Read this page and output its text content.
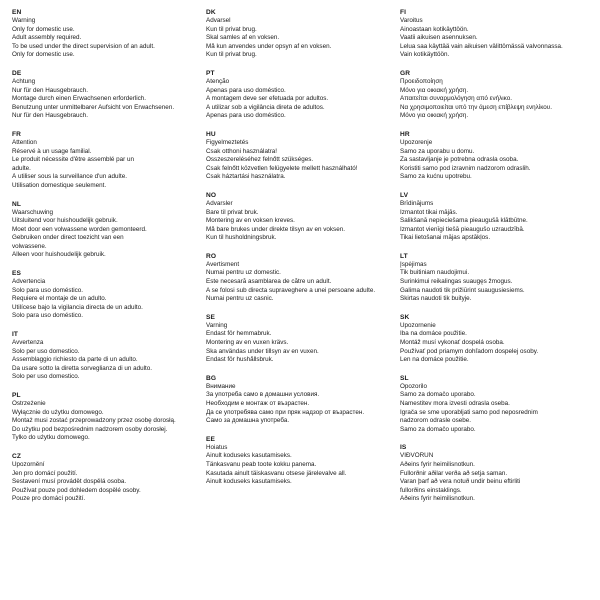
EN
Warning
Only for domestic use.
Adult assembly required.
To be used under the direct supervision of an adult.
Only for domestic use.
DE
Achtung
Nur für den Hausgebrauch.
Montage durch einen Erwachsenen erforderlich.
Benutzung unter unmittelbarer Aufsicht von Erwachsenen.
Nur für den Hausgebrauch.
FR
Attention
Réservé à un usage familial.
Le produit nécessite d'être assemblé par un
adulte.
À utiliser sous la surveillance d'un adulte.
Utilisation domestique seulement.
NL
Waarschuwing
Uitsluitend voor huishoudelijk gebruik.
Moet door een volwassene worden gemonteerd.
Gebruiken onder direct toezicht van een
volwassene.
Alleen voor huishoudelijk gebruik.
ES
Advertencia
Solo para uso doméstico.
Requiere el montaje de un adulto.
Utilícese bajo la vigilancia directa de un adulto.
Solo para uso doméstico.
IT
Avvertenza
Solo per uso domestico.
Assemblaggio richiesto da parte di un adulto.
Da usare sotto la diretta sorveglianza di un adulto.
Solo per uso domestico.
PL
Ostrzeżenie
Wyłącznie do użytku domowego.
Montaż musi zostać przeprowadzony przez osobę dorosłą.
Do użytku pod bezpośrednim nadzorem osoby dorosłej.
Tylko do użytku domowego.
CZ
Upozornění
Jen pro domácí použití.
Sestavení musí provádět dospělá osoba.
Používat pouze pod dohledem dospělé osoby.
Pouze pro domácí použití.
DK
Advarsel
Kun til privat brug.
Skal samles af en voksen.
Må kun anvendes under opsyn af en voksen.
Kun til privat brug.
PT
Atenção
Apenas para uso doméstico.
A montagem deve ser efetuada por adultos.
A utilizar sob a vigilância direta de adultos.
Apenas para uso doméstico.
HU
Figyelmeztetés
Csak otthoni használatra!
Összeszereléséhez felnőtt szükséges.
Csak felnőtt közvetlen felügyelete mellett használható!
Csak háztartási használatra.
NO
Advarsler
Bare til privat bruk.
Montering av en voksen kreves.
Må bare brukes under direkte tilsyn av en voksen.
Kun til husholdningsbruk.
RO
Avertisment
Numai pentru uz domestic.
Este necesară asamblarea de către un adult.
A se folosi sub directa supraveghere a unei persoane adulte.
Numai pentru uz casnic.
SE
Varning
Endast för hemmabruk.
Montering av en vuxen krävs.
Ska användas under tillsyn av en vuxen.
Endast för hushållsbruk.
BG
Внимание
За употреба само в домашни условия.
Необходим е монтаж от възрастен.
Да се употребява само при пряк надзор от възрастен.
Само за домашна употреба.
EE
Hoiatus
Ainult koduseks kasutamiseks.
Tänkasvanu peab toote kokku panema.
Kasutada ainult täiskasvanu otsese järelevalve all.
Ainult koduseks kasutamiseks.
FI
Varoitus
Ainoastaan kotikäyttöön.
Vaatii aikuisen asennuksen.
Leluа saa käyttää vain aikuisen välittömässä valvonnassa.
Vain kotikäyttöön.
GR
Προειδοποίηση
Μόνο για οικιακή χρήση.
Απαιτείται συναρμολόγηση από ενήλικο.
Να χρησιμοποιείται υπό την άμεση επίβλεψη ενηλίκου.
Μόνο για οικιακή χρήση.
HR
Upozorenje
Samo za uporabu u domu.
Za sastavljanje je potrebna odrasla osoba.
Koristiti samo pod izravnim nadzorom odraslih.
Samo za kućnu upotrebu.
LV
Brīdinājums
Izmantot tikai mājās.
Salikšanā nepieciešama pieaugušā klātbūtne.
Izmantot vienīgi tiešā pieaugušo uzraudzībā.
Tikai lietošanai mājas apstākļos.
LT
Įspėjimas
Tik buitiniam naudojimui.
Surinkimui reikalingas suaugęs žmogus.
Galima naudoti tik prižiūrint suaugusiesiems.
Skirtas naudoti tik buityje.
SK
Upozornenie
Iba na domáce použitie.
Montáž musí vykonať dospelá osoba.
Používať pod priamym dohľadom dospelej osoby.
Len na domáce použitie.
SL
Opozorilo
Samo za domačo uporabo.
Namestitev mora izvesti odrasla oseba.
Igrača se sme uporabljati samo pod neposrednim
nadzorom odrasle osebe.
Samo za domačo uporabo.
IS
VIÐVÖRUN
Aðeins fyrir heimilisnotkun.
Fullorðnir aðilar verða að setja saman.
Varan þarf að vera notuð undir beinu eftirliti
fullorðins einstaklings.
Aðeins fyrir heimilisnotkun.
